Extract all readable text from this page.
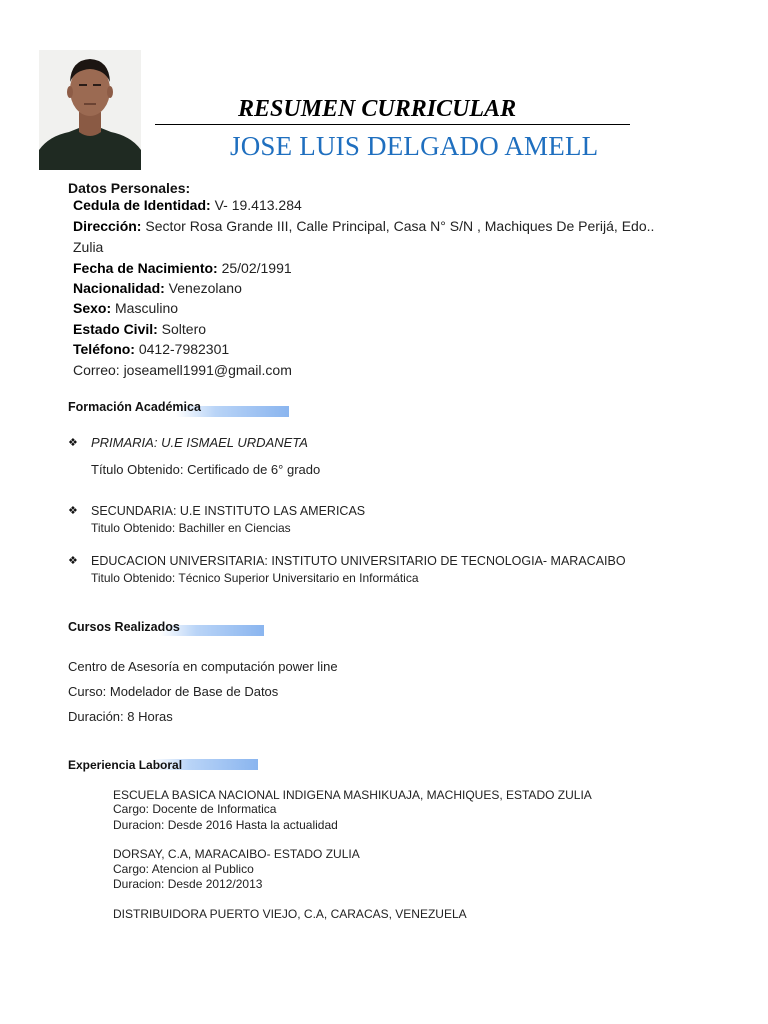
RESUMEN CURRICULAR
JOSE LUIS DELGADO AMELL
Datos Personales:
Cedula de Identidad: V- 19.413.284
Dirección: Sector Rosa Grande III, Calle Principal, Casa N° S/N , Machiques De Perijá, Edo..
Zulia
Fecha de Nacimiento: 25/02/1991
Nacionalidad: Venezolano
Sexo: Masculino
Estado Civil: Soltero
Teléfono: 0412-7982301
Correo: joseamell1991@gmail.com
Formación Académica
❖ PRIMARIA: U.E ISMAEL URDANETA
Título Obtenido: Certificado de 6° grado
❖ SECUNDARIA: U.E INSTITUTO LAS AMERICAS
Titulo Obtenido: Bachiller en Ciencias
❖ EDUCACION UNIVERSITARIA: INSTITUTO UNIVERSITARIO DE TECNOLOGIA- MARACAIBO
Titulo Obtenido: Técnico Superior Universitario en Informática
Cursos Realizados
Centro de Asesoría en computación power line
Curso: Modelador de Base de Datos
Duración: 8 Horas
Experiencia Laboral
ESCUELA BASICA NACIONAL INDIGENA MASHIKUAJA, MACHIQUES, ESTADO ZULIA
Cargo: Docente de Informatica
Duracion: Desde 2016 Hasta la actualidad
DORSAY, C.A, MARACAIBO- ESTADO ZULIA
Cargo: Atencion al Publico
Duracion: Desde 2012/2013
DISTRIBUIDORA PUERTO VIEJO, C.A, CARACAS, VENEZUELA
